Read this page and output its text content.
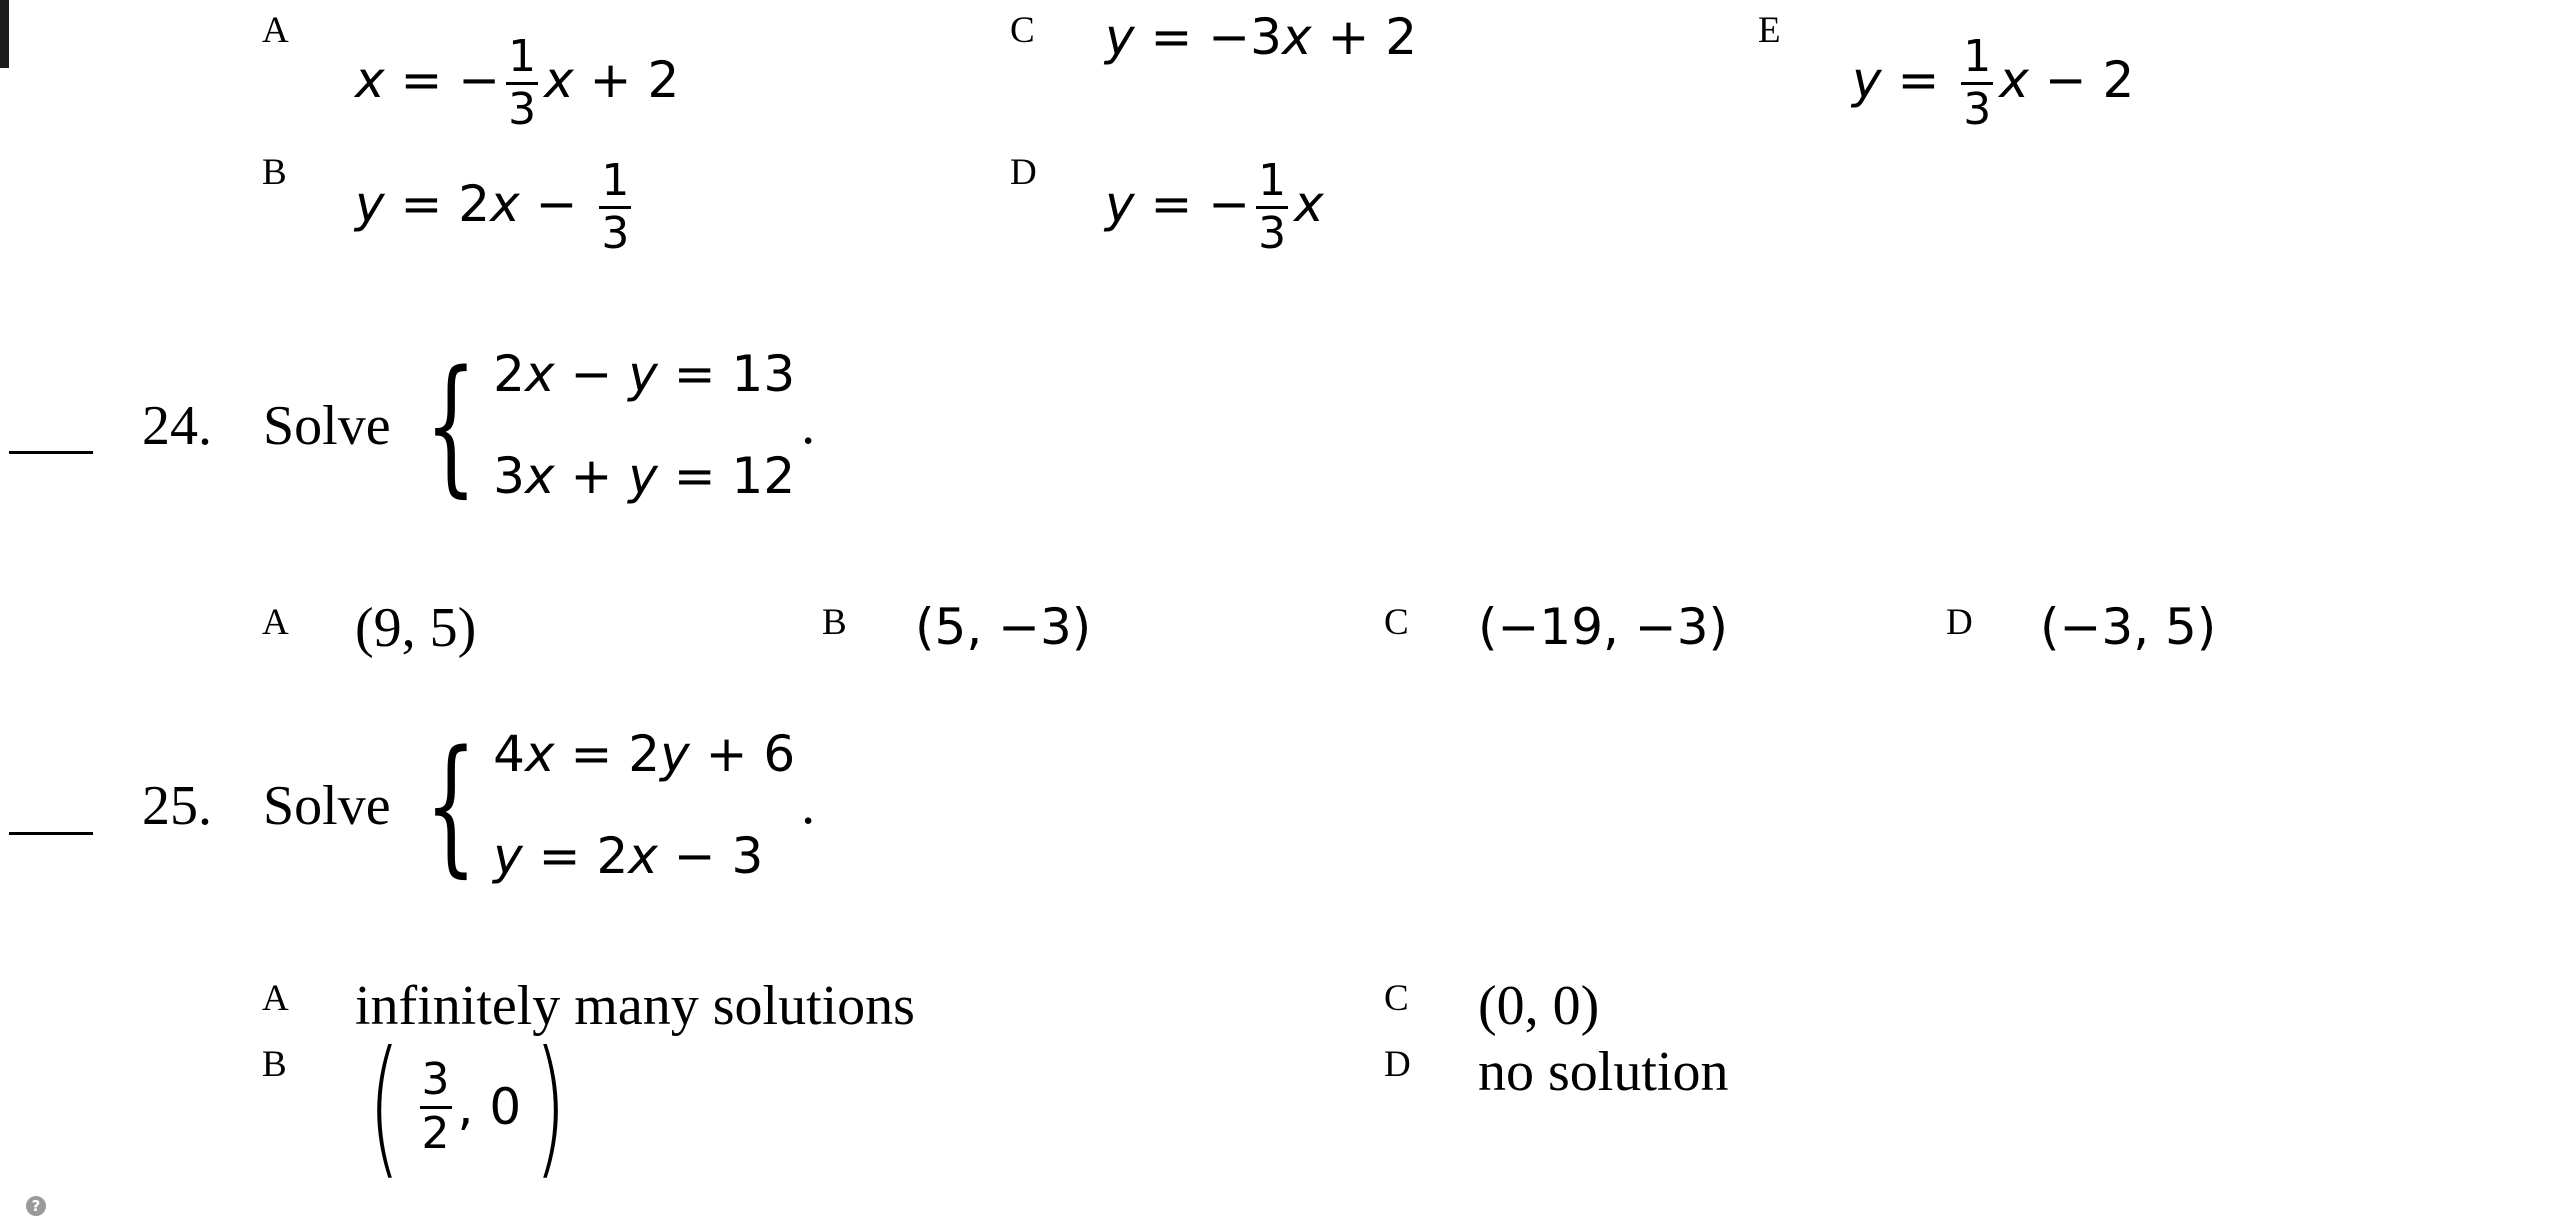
A
x = − $\frac{1}{3}$ x + 2
B
$y = 2x - \frac{1}{3}$
C y = −3x + 2
D
y = − $\frac{1}{3}$ x
E
$y = \frac{1}{3}$ x − 2
24. Solve { 2x − y = 13
3x + y = 12
.
A (9, 5)	B (5, −3)	C (−19, −3)	D (−3, 5)
25. Solve { 4x = 2y + 6
y = 2x − 3
.
A infinitely many solutions
B ( $\frac{3}{2}$ , 0 )
C (0, 0)
D no solution
?
